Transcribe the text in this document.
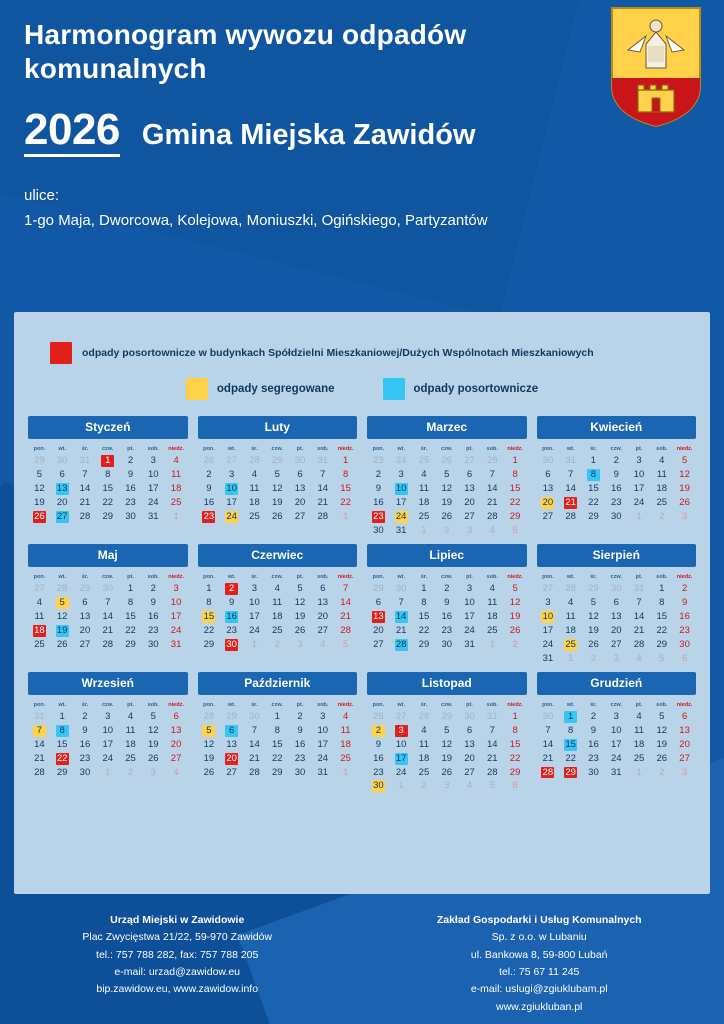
Harmonogram wywozu odpadów komunalnych
2026 Gmina Miejska Zawidów
ulice:
1-go Maja, Dworcowa, Kolejowa, Moniuszki, Ogińskiego, Partyzantów
odpady posortownicze w budynkach Spółdzielni Mieszkaniowej/Dużych Wspólnotach Mieszkaniowych
odpady segregowane	odpady posortownicze
Styczeń
pon.	wt.	śr.	czw.	pt.	sob.	niedz.
29	30	31	1	2	3	4
5	6	7	8	9	10	11
12	13	14	15	16	17	18
19	20	21	22	23	24	25
26	27	28	29	30	31	1
Luty
pon.	wt.	śr.	czw.	pt.	sob.	niedz.
26	27	28	29	30	31	1
2	3	4	5	6	7	8
9	10	11	12	13	14	15
16	17	18	19	20	21	22
23	24	25	26	27	28	1
Marzec
pon.	wt.	śr.	czw.	pt.	sob.	niedz.
23	24	25	26	27	28	1
2	3	4	5	6	7	8
9	10	11	12	13	14	15
16	17	18	19	20	21	22
23	24	25	26	27	28	29
30	31	1	2	3	4	5
Kwiecień
pon.	wt.	śr.	czw.	pt.	sob.	niedz.
30	31	1	2	3	4	5
6	7	8	9	10	11	12
13	14	15	16	17	18	19
20	21	22	23	24	25	26
27	28	29	30	1	2	3
Maj
pon.	wt.	śr.	czw.	pt.	sob.	niedz.
27	28	29	30	1	2	3
4	5	6	7	8	9	10
11	12	13	14	15	16	17
18	19	20	21	22	23	24
25	26	27	28	29	30	31
Czerwiec
pon.	wt.	śr.	czw.	pt.	sob.	niedz.
1	2	3	4	5	6	7
8	9	10	11	12	13	14
15	16	17	18	19	20	21
22	23	24	25	26	27	28
29	30	1	2	3	4	5
Lipiec
pon.	wt.	śr.	czw.	pt.	sob.	niedz.
29	30	1	2	3	4	5
6	7	8	9	10	11	12
13	14	15	16	17	18	19
20	21	22	23	24	25	26
27	28	29	30	31	1	2
Sierpień
pon.	wt.	śr.	czw.	pt.	sob.	niedz.
27	28	29	30	31	1	2
3	4	5	6	7	8	9
10	11	12	13	14	15	16
17	18	19	20	21	22	23
24	25	26	27	28	29	30
31	1	2	3	4	5	6
Wrzesień
pon.	wt.	śr.	czw.	pt.	sob.	niedz.
31	1	2	3	4	5	6
7	8	9	10	11	12	13
14	15	16	17	18	19	20
21	22	23	24	25	26	27
28	29	30	1	2	3	4
Październik
pon.	wt.	śr.	czw.	pt.	sob.	niedz.
28	29	30	1	2	3	4
5	6	7	8	9	10	11
12	13	14	15	16	17	18
19	20	21	22	23	24	25
26	27	28	29	30	31	1
Listopad
pon.	wt.	śr.	czw.	pt.	sob.	niedz.
26	27	28	29	30	31	1
2	3	4	5	6	7	8
9	10	11	12	13	14	15
16	17	18	19	20	21	22
23	24	25	26	27	28	29
30	1	2	3	4	5	6
Grudzień
pon.	wt.	śr.	czw.	pt.	sob.	niedz.
30	1	2	3	4	5	6
7	8	9	10	11	12	13
14	15	16	17	18	19	20
21	22	23	24	25	26	27
28	29	30	31	1	2	3
Urząd Miejski w Zawidowie
Plac Zwycięstwa 21/22, 59-970 Zawidów
tel.: 757 788 282, fax: 757 788 205
e-mail: urzad@zawidow.eu
bip.zawidow.eu, www.zawidow.info
Zakład Gospodarki i Usług Komunalnych
Sp. z o.o. w Lubaniu
ul. Bankowa 8, 59-800 Lubań
tel.: 75 67 11 245
e-mail: uslugi@zgiuklubam.pl
www.zgiukluban.pl
